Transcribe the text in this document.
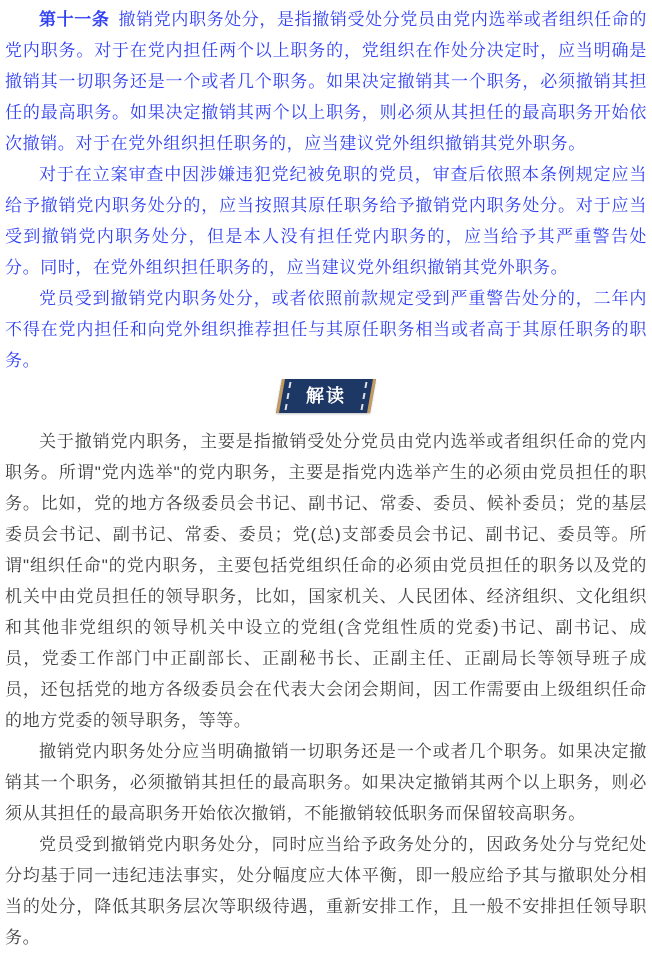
第十一条 撤销党内职务处分，是指撤销受处分党员由党内选举或者组织任命的党内职务。对于在党内担任两个以上职务的，党组织在作处分决定时，应当明确是撤销其一切职务还是一个或者几个职务。如果决定撤销其一个职务，必须撤销其担任的最高职务。如果决定撤销其两个以上职务，则必须从其担任的最高职务开始依次撤销。对于在党外组织担任职务的，应当建议党外组织撤销其党外职务。

对于在立案审查中因涉嫌违犯党纪被免职的党员，审查后依照本条例规定应当给予撤销党内职务处分的，应当按照其原任职务给予撤销党内职务处分。对于应当受到撤销党内职务处分，但是本人没有担任党内职务的，应当给予其严重警告处分。同时，在党外组织担任职务的，应当建议党外组织撤销其党外职务。

党员受到撤销党内职务处分，或者依照前款规定受到严重警告处分的，二年内不得在党内担任和向党外组织推荐担任与其原任职务相当或者高于其原任职务的职务。

解读

关于撤销党内职务，主要是指撤销受处分党员由党内选举或者组织任命的党内职务。所谓"党内选举"的党内职务，主要是指党内选举产生的必须由党员担任的职务。比如，党的地方各级委员会书记、副书记、常委、委员、候补委员；党的基层委员会书记、副书记、常委、委员；党(总)支部委员会书记、副书记、委员等。所谓"组织任命"的党内职务，主要包括党组织任命的必须由党员担任的职务以及党的机关中由党员担任的领导职务，比如，国家机关、人民团体、经济组织、文化组织和其他非党组织的领导机关中设立的党组(含党组性质的党委)书记、副书记、成员，党委工作部门中正副部长、正副秘书长、正副主任、正副局长等领导班子成员，还包括党的地方各级委员会在代表大会闭会期间，因工作需要由上级组织任命的地方党委的领导职务，等等。

撤销党内职务处分应当明确撤销一切职务还是一个或者几个职务。如果决定撤销其一个职务，必须撤销其担任的最高职务。如果决定撤销其两个以上职务，则必须从其担任的最高职务开始依次撤销，不能撤销较低职务而保留较高职务。

党员受到撤销党内职务处分，同时应当给予政务处分的，因政务处分与党纪处分均基于同一违纪违法事实，处分幅度应大体平衡，即一般应给予其与撤职处分相当的处分，降低其职务层次等职级待遇，重新安排工作，且一般不安排担任领导职务。
